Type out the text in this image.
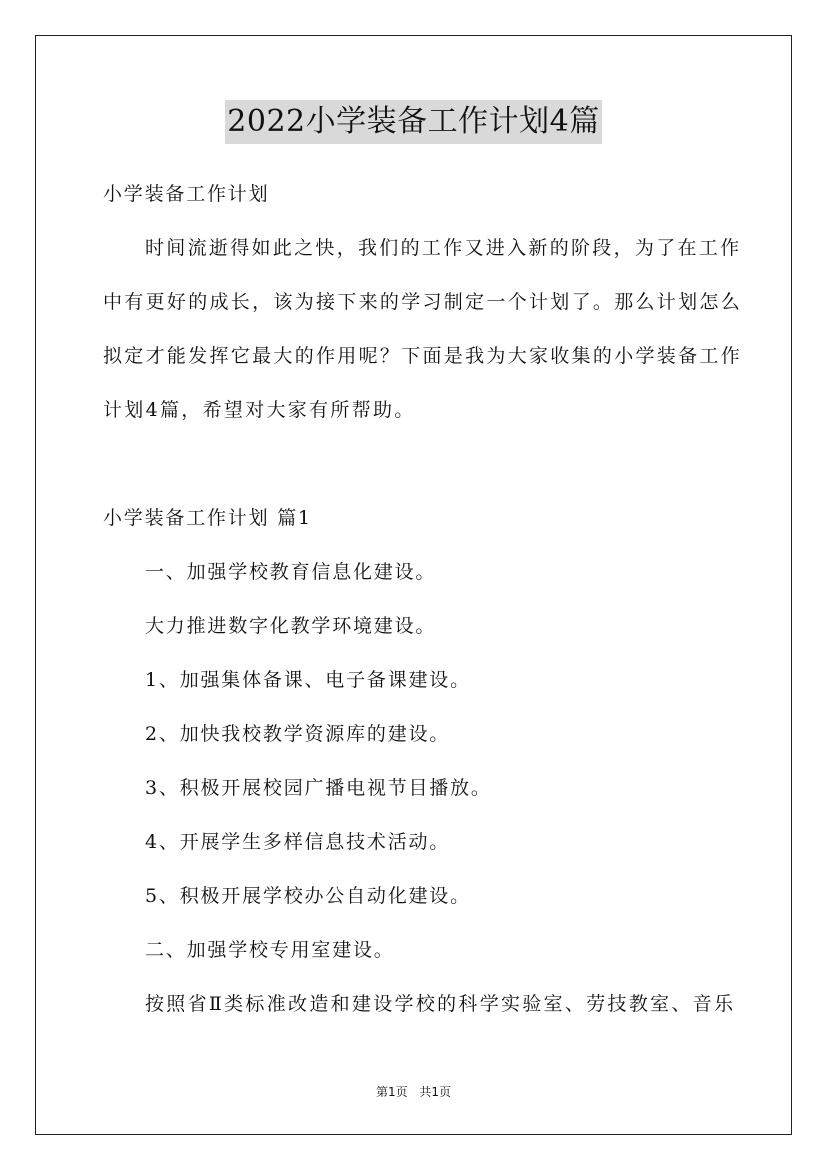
2022小学装备工作计划4篇
小学装备工作计划
时间流逝得如此之快，我们的工作又进入新的阶段，为了在工作
中有更好的成长，该为接下来的学习制定一个计划了。那么计划怎么
拟定才能发挥它最大的作用呢？下面是我为大家收集的小学装备工作
计划4篇，希望对大家有所帮助。
小学装备工作计划 篇1
一、加强学校教育信息化建设。
大力推进数字化教学环境建设。
1、加强集体备课、电子备课建设。
2、加快我校教学资源库的建设。
3、积极开展校园广播电视节目播放。
4、开展学生多样信息技术活动。
5、积极开展学校办公自动化建设。
二、加强学校专用室建设。
按照省Ⅱ类标准改造和建设学校的科学实验室、劳技教室、音乐
第1页 共1页
